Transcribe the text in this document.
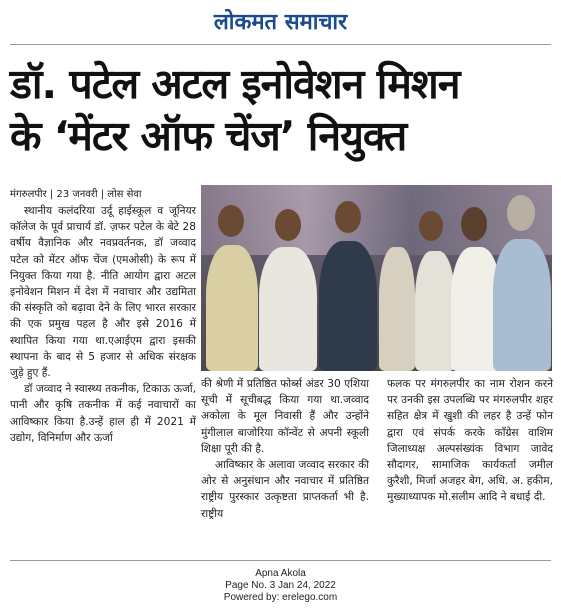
लोकमत समाचार
डॉ. पटेल अटल इनोवेशन मिशन
के ‘मेंटर ऑफ चेंज’ नियुक्त
मंगरुलपीर | 23 जनवरी | लोस सेवा

स्थानीय कलंदरिया उर्दू हाईस्कूल व जूनियर कॉलेज के पूर्व प्राचार्य डॉ. ज़फर पटेल के बेटे 28 वर्षीय वैज्ञानिक और नवप्रवर्तनक, डॉ जव्वाद पटेल को मेंटर ऑफ चेंज (एमओसी) के रूप में नियुक्त किया गया है. नीति आयोग द्वारा अटल इनोवेशन मिशन में देश में नवाचार और उद्यमिता की संस्कृति को बढ़ावा देने के लिए भारत सरकार की एक प्रमुख पहल है और इसे 2016 में स्थापित किया गया था.एआईएम द्वारा इसकी स्थापना के बाद से 5 हजार से अधिक संरक्षक जुड़े हुए हैं.

डॉ जव्वाद ने स्वास्थ्य तकनीक, टिकाऊ ऊर्जा, पानी और कृषि तकनीक में कई नवाचारों का आविष्कार किया है.उन्हें हाल ही में 2021 में उद्योग, विनिर्माण और ऊर्जा

की श्रेणी में प्रतिष्ठित फोर्ब्स अंडर 30 एशिया सूची में सूचीबद्ध किया गया था.जव्वाद अकोला के मूल निवासी हैं और उन्होंने मुंगीलाल बाजोरिया कॉन्वेंट से अपनी स्कूली शिक्षा पूरी की है.

आविष्कार के अलावा जव्वाद सरकार की ओर से अनुसंधान और नवाचार में प्रतिष्ठित राष्ट्रीय पुरस्कार उत्कृष्टता प्राप्तकर्ता भी है. राष्ट्रीय

फलक पर मंगरुलपीर का नाम रोशन करने पर उनकी इस उपलब्धि पर मंगरुलपीर शहर सहित क्षेत्र में खुशी की लहर है उन्हें फोन द्वारा एवं संपर्क करके कॉंग्रेस वाशिम जिलाध्यक्ष अल्पसंख्यंक विभाग जावेद सौदागर, सामाजिक कार्यकर्ता जमील कुरैशी, मिर्जा अजहर बेग, अधि. अ. हकीम, मुख्याध्यापक मो.सलीम आदि ने बधाई दी.

Apna Akola
Page No. 3 Jan 24, 2022
Powered by: erelego.com
